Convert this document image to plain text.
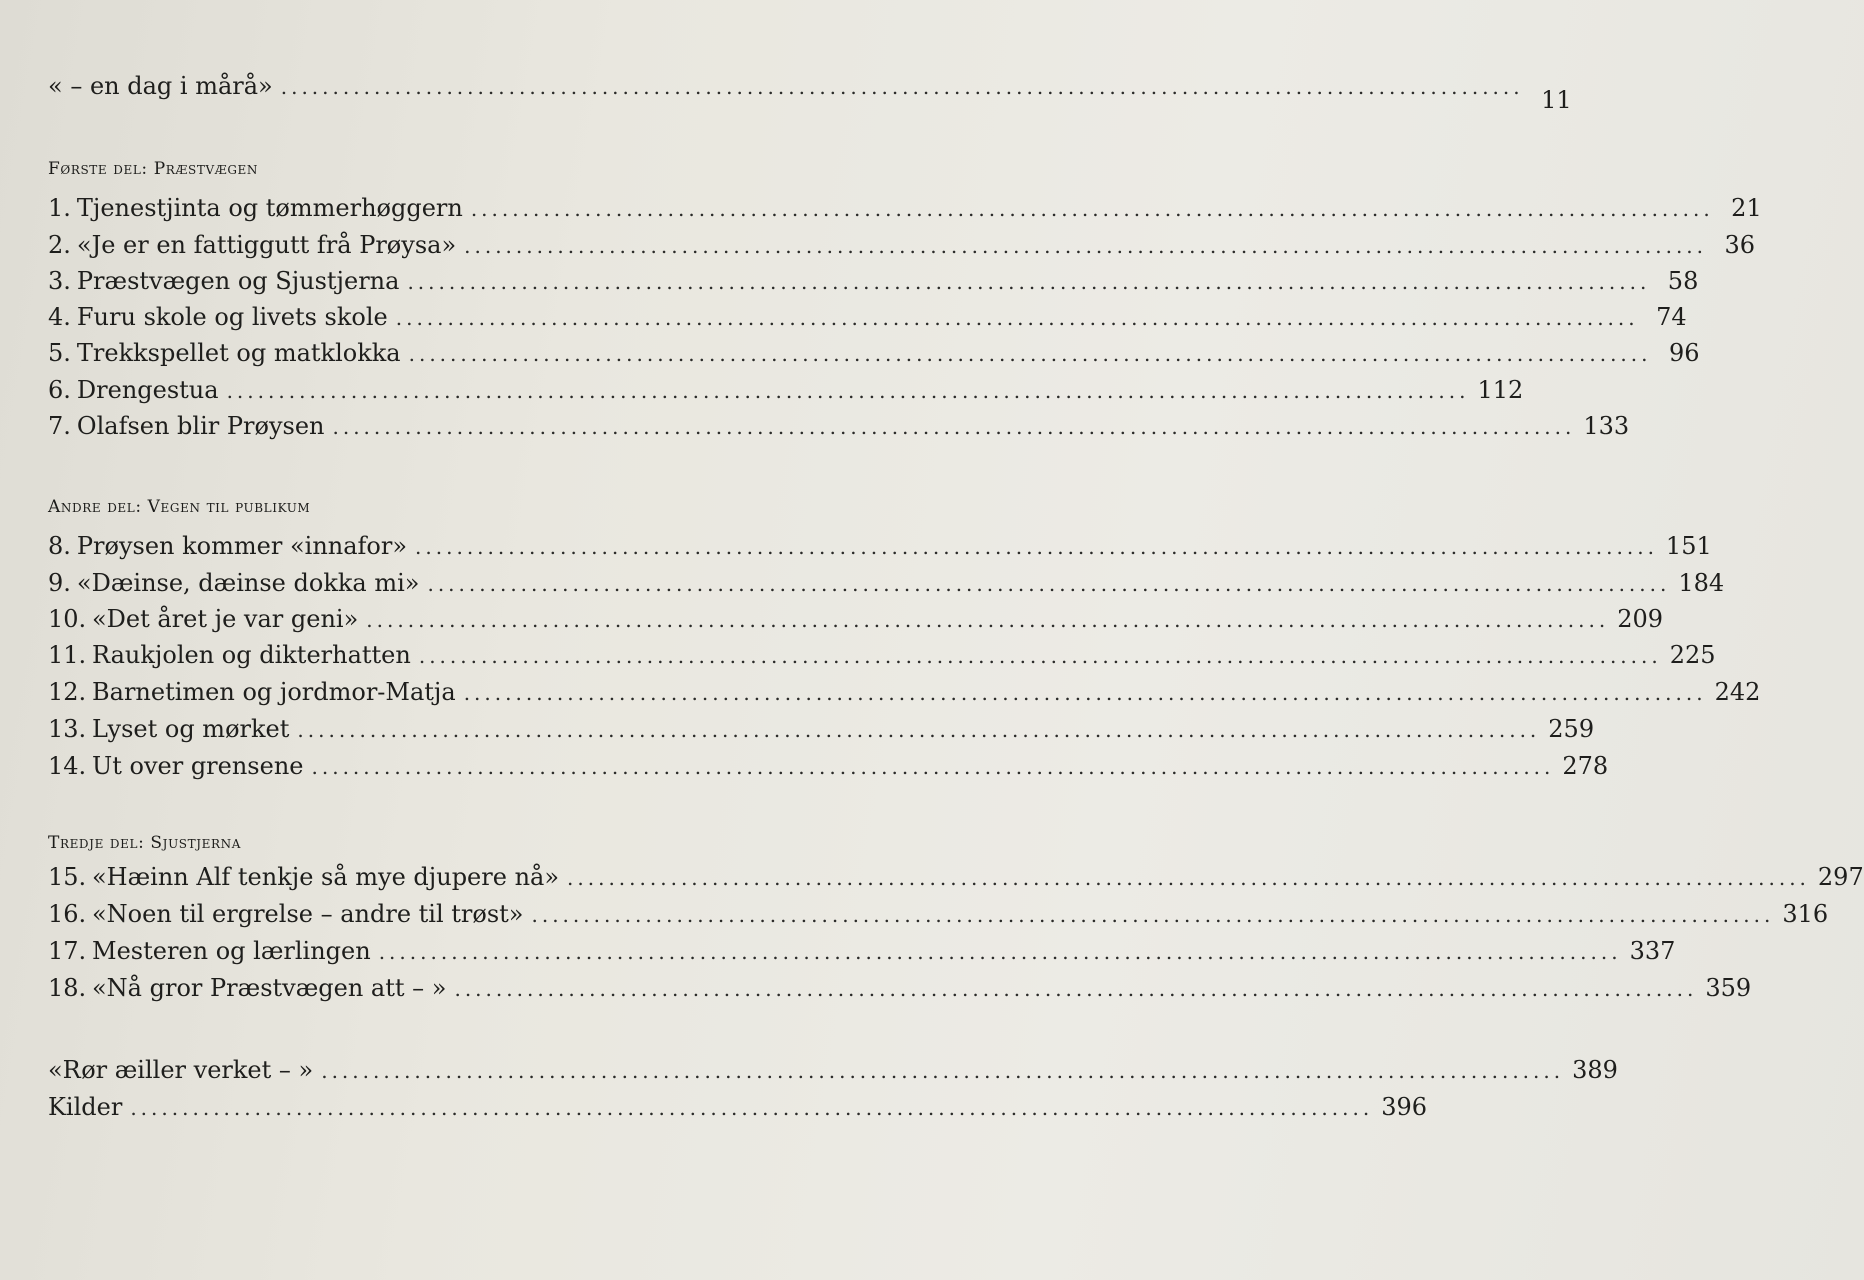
« – en dag i mårå» ........................................................................................................................ 11
Første del: Præstvægen
1. Tjenestjinta og tømmerhøggern ........................................................................................................................ 21
2. «Je er en fattiggutt frå Prøysa» ........................................................................................................................ 36
3. Præstvægen og Sjustjerna ........................................................................................................................ 58
4. Furu skole og livets skole ........................................................................................................................ 74
5. Trekkspellet og matklokka ........................................................................................................................ 96
6. Drengestua ........................................................................................................................ 112
7. Olafsen blir Prøysen ........................................................................................................................ 133
Andre del: Vegen til publikum
8. Prøysen kommer «innafor» ........................................................................................................................ 151
9. «Dæinse, dæinse dokka mi» ........................................................................................................................ 184
10. «Det året je var geni» ........................................................................................................................ 209
11. Raukjolen og dikterhatten ........................................................................................................................ 225
12. Barnetimen og jordmor-Matja ........................................................................................................................ 242
13. Lyset og mørket ........................................................................................................................ 259
14. Ut over grensene ........................................................................................................................ 278
Tredje del: Sjustjerna
15. «Hæinn Alf tenkje så mye djupere nå» ........................................................................................................................ 297
16. «Noen til ergrelse – andre til trøst» ........................................................................................................................ 316
17. Mesteren og lærlingen ........................................................................................................................ 337
18. «Nå gror Præstvægen att – » ........................................................................................................................ 359
«Rør æiller verket – » ........................................................................................................................ 389
Kilder ........................................................................................................................ 396
